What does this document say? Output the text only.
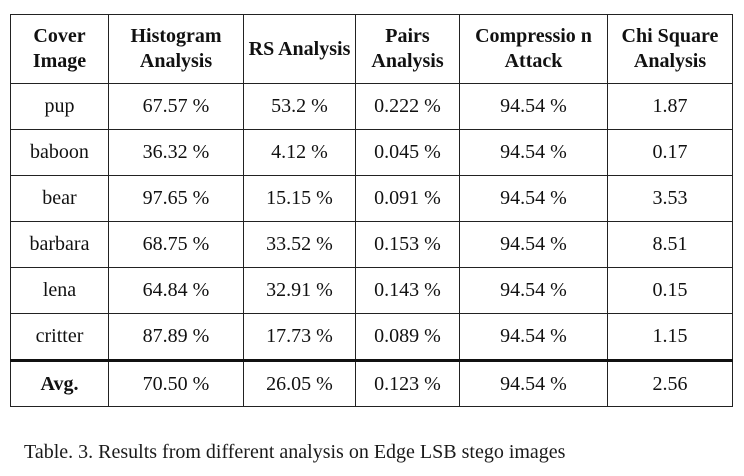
Cover Image	Histogram Analysis	RS Analysis	Pairs Analysis	Compressio n Attack	Chi Square Analysis
pup	67.57 %	53.2 %	0.222 %	94.54 %	1.87
baboon	36.32 %	4.12 %	0.045 %	94.54 %	0.17
bear	97.65 %	15.15 %	0.091 %	94.54 %	3.53
barbara	68.75 %	33.52 %	0.153 %	94.54 %	8.51
lena	64.84 %	32.91 %	0.143 %	94.54 %	0.15
critter	87.89 %	17.73 %	0.089 %	94.54 %	1.15
Avg.	70.50 %	26.05 %	0.123 %	94.54 %	2.56
Table. 3. Results from different analysis on Edge LSB stego images
